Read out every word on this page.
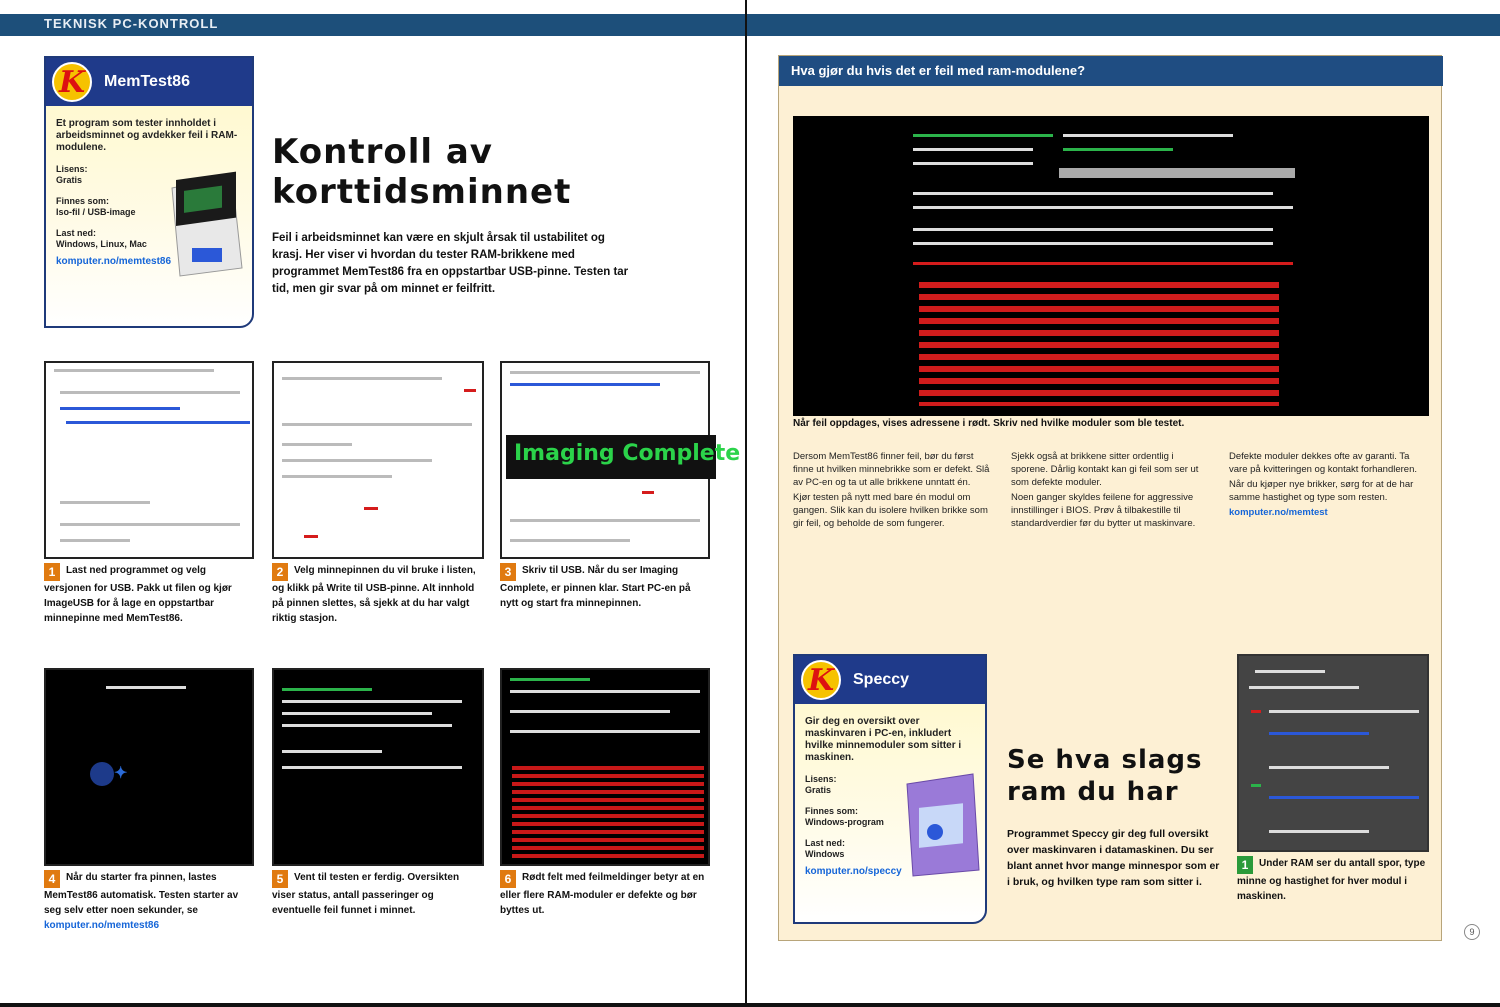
TEKNISK PC-KONTROLL
K	MemTest86
Et program som tester innholdet i arbeidsminnet og avdekker feil i RAM-modulene.
Lisens:
Gratis
Finnes som:
Iso-fil / USB-image
Last ned:
Windows, Linux, Mac
komputer.no/memtest86
Kontroll av
korttidsminnet
Feil i arbeidsminnet kan være en skjult årsak til ustabilitet og krasj. Her viser vi hvordan du tester RAM-brikkene med programmet MemTest86 fra en oppstartbar USB-pinne. Testen tar tid, men gir svar på om minnet er feilfritt.
Imaging Complete
1 Last ned programmet og velg versjonen for USB. Pakk ut filen og kjør ImageUSB for å lage en oppstartbar minnepinne med MemTest86.
2 Velg minnepinnen du vil bruke i listen, og klikk på Write til USB-pinne. Alt innhold på pinnen slettes, så sjekk at du har valgt riktig stasjon.
3 Skriv til USB. Når du ser Imaging Complete, er pinnen klar. Start PC-en på nytt og start fra minnepinnen.
✦
4 Når du starter fra pinnen, lastes MemTest86 automatisk. Testen starter av seg selv etter noen sekunder, se komputer.no/memtest86
5 Vent til testen er ferdig. Oversikten viser status, antall passeringer og eventuelle feil funnet i minnet.
6 Rødt felt med feilmeldinger betyr at en eller flere RAM-moduler er defekte og bør byttes ut.
Hva gjør du hvis det er feil med ram-modulene?
Når feil oppdages, vises adressene i rødt. Skriv ned hvilke moduler som ble testet.

Dersom MemTest86 finner feil, bør du først finne ut hvilken minnebrikke som er defekt. Slå av PC-en og ta ut alle brikkene unntatt én.

Kjør testen på nytt med bare én modul om gangen. Slik kan du isolere hvilken brikke som gir feil, og beholde de som fungerer.

Sjekk også at brikkene sitter ordentlig i sporene. Dårlig kontakt kan gi feil som ser ut som defekte moduler.

Noen ganger skyldes feilene for aggressive innstillinger i BIOS. Prøv å tilbakestille til standardverdier før du bytter ut maskinvare.

Defekte moduler dekkes ofte av garanti. Ta vare på kvitteringen og kontakt forhandleren.

Når du kjøper nye brikker, sørg for at de har samme hastighet og type som resten.

komputer.no/memtest

K	Speccy
Gir deg en oversikt over maskinvaren i PC-en, inkludert hvilke minnemoduler som sitter i maskinen.
Lisens:
Gratis
Finnes som:
Windows-program
Last ned:
Windows
komputer.no/speccy
Se hva slags
ram du har
Programmet Speccy gir deg full oversikt over maskinvaren i datamaskinen. Du ser blant annet hvor mange minnespor som er i bruk, og hvilken type ram som sitter i.
1 Under RAM ser du antall spor, type minne og hastighet for hver modul i maskinen.
9
